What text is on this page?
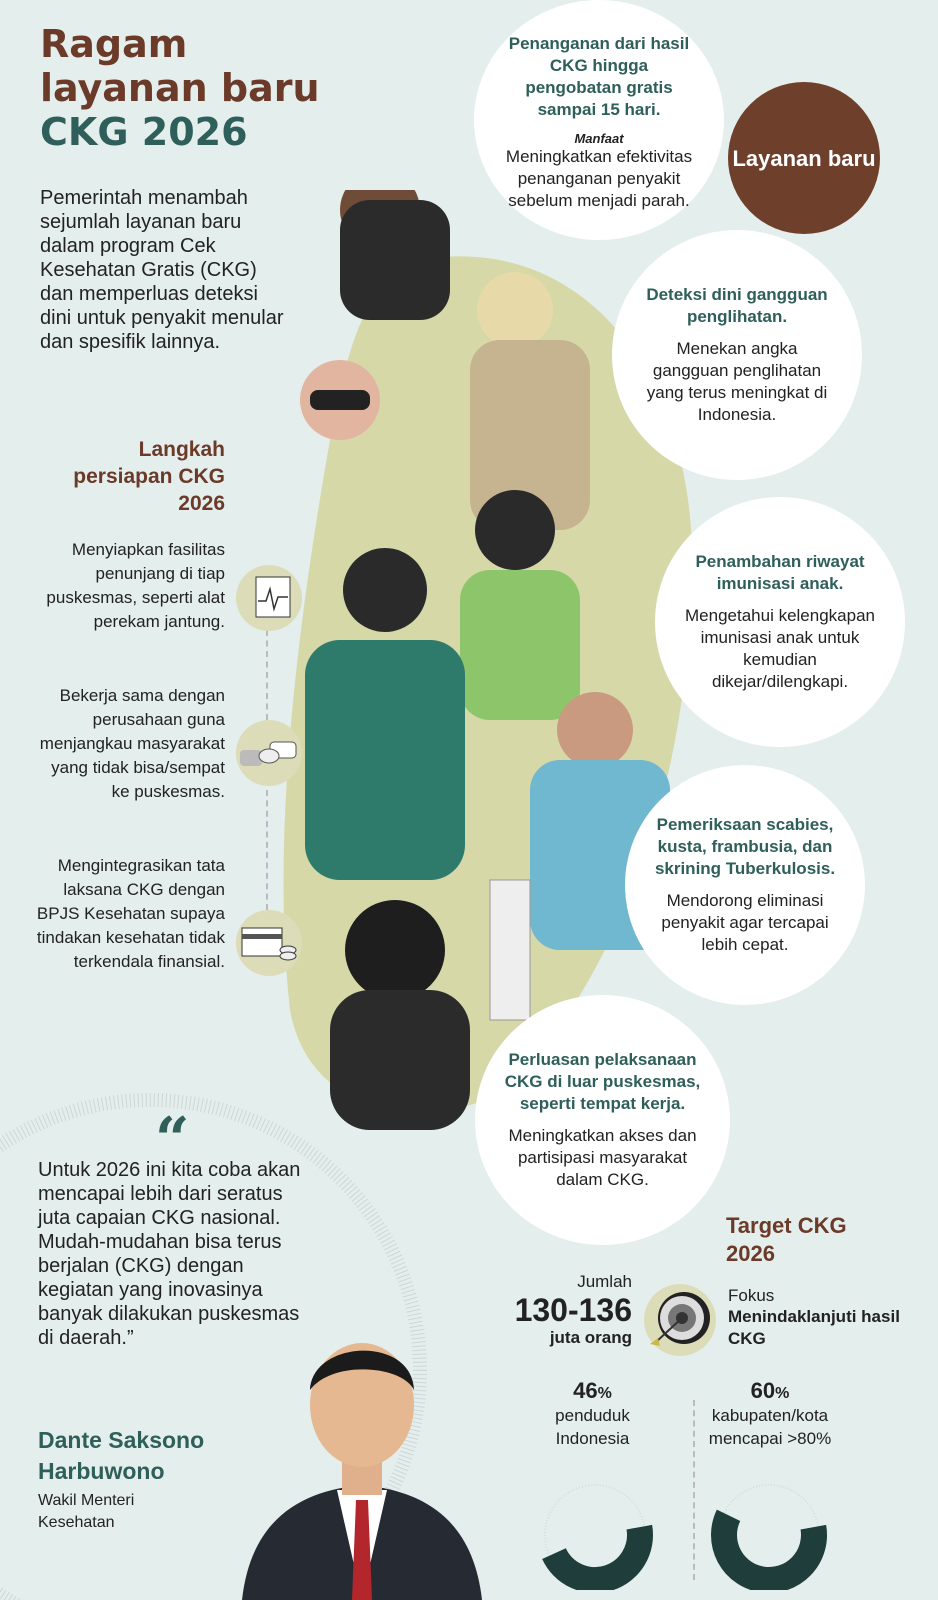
Ragam
layanan baru
CKG 2026
Pemerintah menambah sejumlah layanan baru dalam program Cek Kesehatan Gratis (CKG) dan memperluas deteksi dini untuk penyakit menular dan spesifik lainnya.
Langkah persiapan CKG 2026
Menyiapkan fasilitas penunjang di tiap puskesmas, seperti alat perekam jantung.
Bekerja sama dengan perusahaan guna menjangkau masyarakat yang tidak bisa/sempat ke puskesmas.
Mengintegrasikan tata laksana CKG dengan BPJS Kesehatan supaya tindakan kesehatan tidak terkendala finansial.
Penanganan dari hasil CKG hingga pengobatan gratis sampai 15 hari.
Manfaat
Meningkatkan efektivitas penanganan penyakit sebelum menjadi parah.
Layanan baru
Deteksi dini gangguan penglihatan.
Menekan angka gangguan penglihatan yang terus meningkat di Indonesia.
Penambahan riwayat imunisasi anak.
Mengetahui kelengkapan imunisasi anak untuk kemudian dikejar/dilengkapi.
Pemeriksaan scabies, kusta, frambusia, dan skrining Tuberkulosis.
Mendorong eliminasi penyakit agar tercapai lebih cepat.
Perluasan pelaksanaan CKG di luar puskesmas, seperti tempat kerja.
Meningkatkan akses dan partisipasi masyarakat dalam CKG.
“
Untuk 2026 ini kita coba akan mencapai lebih dari seratus juta capaian CKG nasional. Mudah-mudahan bisa terus berjalan (CKG) dengan kegiatan yang inovasinya banyak dilakukan puskesmas di daerah.”
Dante Saksono Harbuwono
Wakil Menteri Kesehatan
Target CKG 2026
Jumlah
130-136
juta orang
Fokus
Menindaklanjuti hasil CKG
46%
penduduk Indonesia
60%
kabupaten/kota mencapai >80%
